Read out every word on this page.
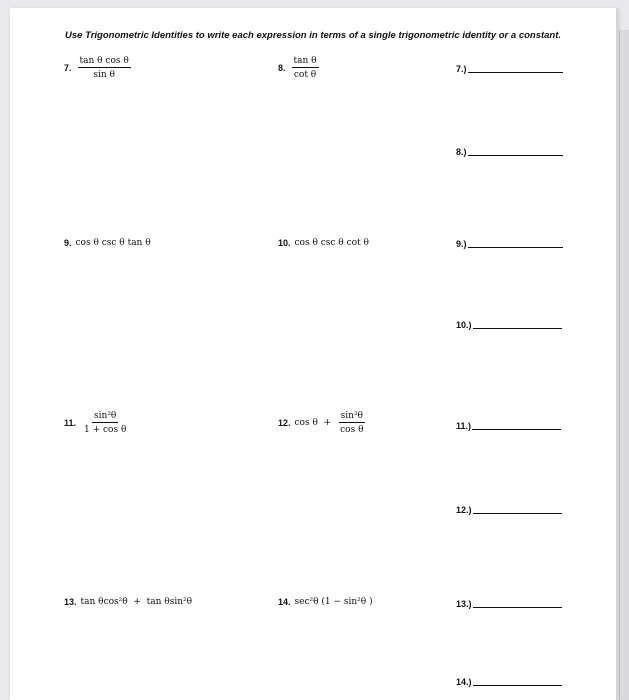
Use Trigonometric Identities to write each expression in terms of a single trigonometric identity or a constant.
7. $\frac{\text{tan θ cos θ}}{\text{sin θ}}$	8. $\frac{\text{tan θ}}{\text{cot θ}}$
9. cos θ csc θ tan θ	10. cos θ csc θ cot θ
11. $\frac{\text{sin²θ}}{\text{1 + cos θ}}$	12. $\cos \theta + \frac{\text{sin²θ}}{\text{cos θ}}$
13. tan θcos²θ  +  tan θsin²θ	14. sec²θ (1 − sin²θ )
7.)
8.)
9.)
10.)
11.)
12.)
13.)
14.)
